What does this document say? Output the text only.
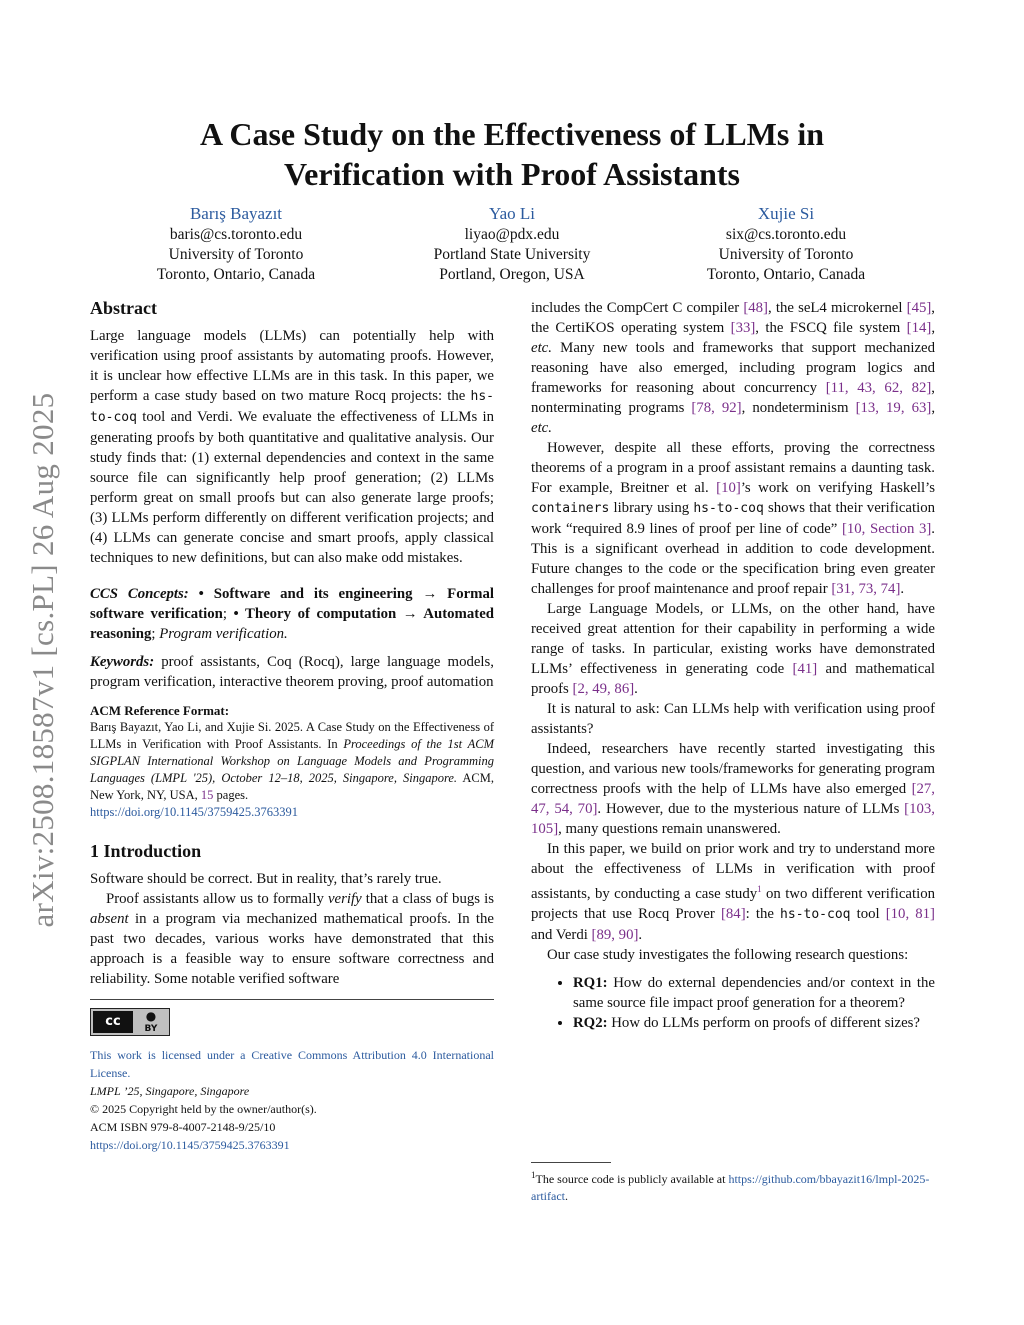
arXiv:2508.18587v1 [cs.PL] 26 Aug 2025
A Case Study on the Effectiveness of LLMs in
Verification with Proof Assistants
Barış Bayazıt
baris@cs.toronto.edu
University of Toronto
Toronto, Ontario, Canada
Yao Li
liyao@pdx.edu
Portland State University
Portland, Oregon, USA
Xujie Si
six@cs.toronto.edu
University of Toronto
Toronto, Ontario, Canada
Abstract

Large language models (LLMs) can potentially help with verification using proof assistants by automating proofs. However, it is unclear how effective LLMs are in this task. In this paper, we perform a case study based on two mature Rocq projects: the hs-to-coq tool and Verdi. We evaluate the effectiveness of LLMs in generating proofs by both quantitative and qualitative analysis. Our study finds that: (1) external dependencies and context in the same source file can significantly help proof generation; (2) LLMs perform great on small proofs but can also generate large proofs; (3) LLMs perform differently on different verification projects; and (4) LLMs can generate concise and smart proofs, apply classical techniques to new definitions, but can also make odd mistakes.

CCS Concepts: • Software and its engineering → Formal software verification; • Theory of computation → Automated reasoning; Program verification.

Keywords: proof assistants, Coq (Rocq), large language models, program verification, interactive theorem proving, proof automation

ACM Reference Format:

Barış Bayazıt, Yao Li, and Xujie Si. 2025. A Case Study on the Effectiveness of LLMs in Verification with Proof Assistants. In Proceedings of the 1st ACM SIGPLAN International Workshop on Language Models and Programming Languages (LMPL '25), October 12–18, 2025, Singapore, Singapore. ACM, New York, NY, USA, 15 pages.
https://doi.org/10.1145/3759425.3763391

1 Introduction

Software should be correct. But in reality, that’s rarely true.

Proof assistants allow us to formally verify that a class of bugs is absent in a program via mechanized mathematical proofs. In the past two decades, various works have demonstrated that this approach is a feasible way to ensure software correctness and reliability. Some notable verified software

cc	●
BY
This work is licensed under a Creative Commons Attribution 4.0 International License.
LMPL ’25, Singapore, Singapore
© 2025 Copyright held by the owner/author(s).
ACM ISBN 979-8-4007-2148-9/25/10
https://doi.org/10.1145/3759425.3763391

includes the CompCert C compiler [48], the seL4 microkernel [45], the CertiKOS operating system [33], the FSCQ file system [14], etc. Many new tools and frameworks that support mechanized reasoning have also emerged, including program logics and frameworks for reasoning about concurrency [11, 43, 62, 82], nonterminating programs [78, 92], nondeterminism [13, 19, 63], etc.

However, despite all these efforts, proving the correctness theorems of a program in a proof assistant remains a daunting task. For example, Breitner et al. [10]’s work on verifying Haskell’s containers library using hs-to-coq shows that their verification work “required 8.9 lines of proof per line of code” [10, Section 3]. This is a significant overhead in addition to code development. Future changes to the code or the specification bring even greater challenges for proof maintenance and proof repair [31, 73, 74].

Large Language Models, or LLMs, on the other hand, have received great attention for their capability in performing a wide range of tasks. In particular, existing works have demonstrated LLMs’ effectiveness in generating code [41] and mathematical proofs [2, 49, 86].

It is natural to ask: Can LLMs help with verification using proof assistants?

Indeed, researchers have recently started investigating this question, and various new tools/frameworks for generating program correctness proofs with the help of LLMs have also emerged [27, 47, 54, 70]. However, due to the mysterious nature of LLMs [103, 105], many questions remain unanswered.

In this paper, we build on prior work and try to understand more about the effectiveness of LLMs in verification with proof assistants, by conducting a case study$^1$ on two different verification projects that use Rocq Prover [84]: the hs-to-coq tool [10, 81] and Verdi [89, 90].

Our case study investigates the following research questions:

• RQ1: How do external dependencies and/or context in the same source file impact proof generation for a theorem?
• RQ2: How do LLMs perform on proofs of different sizes?

$^1$The source code is publicly available at https://github.com/bbayazit16/lmpl-2025-artifact.
